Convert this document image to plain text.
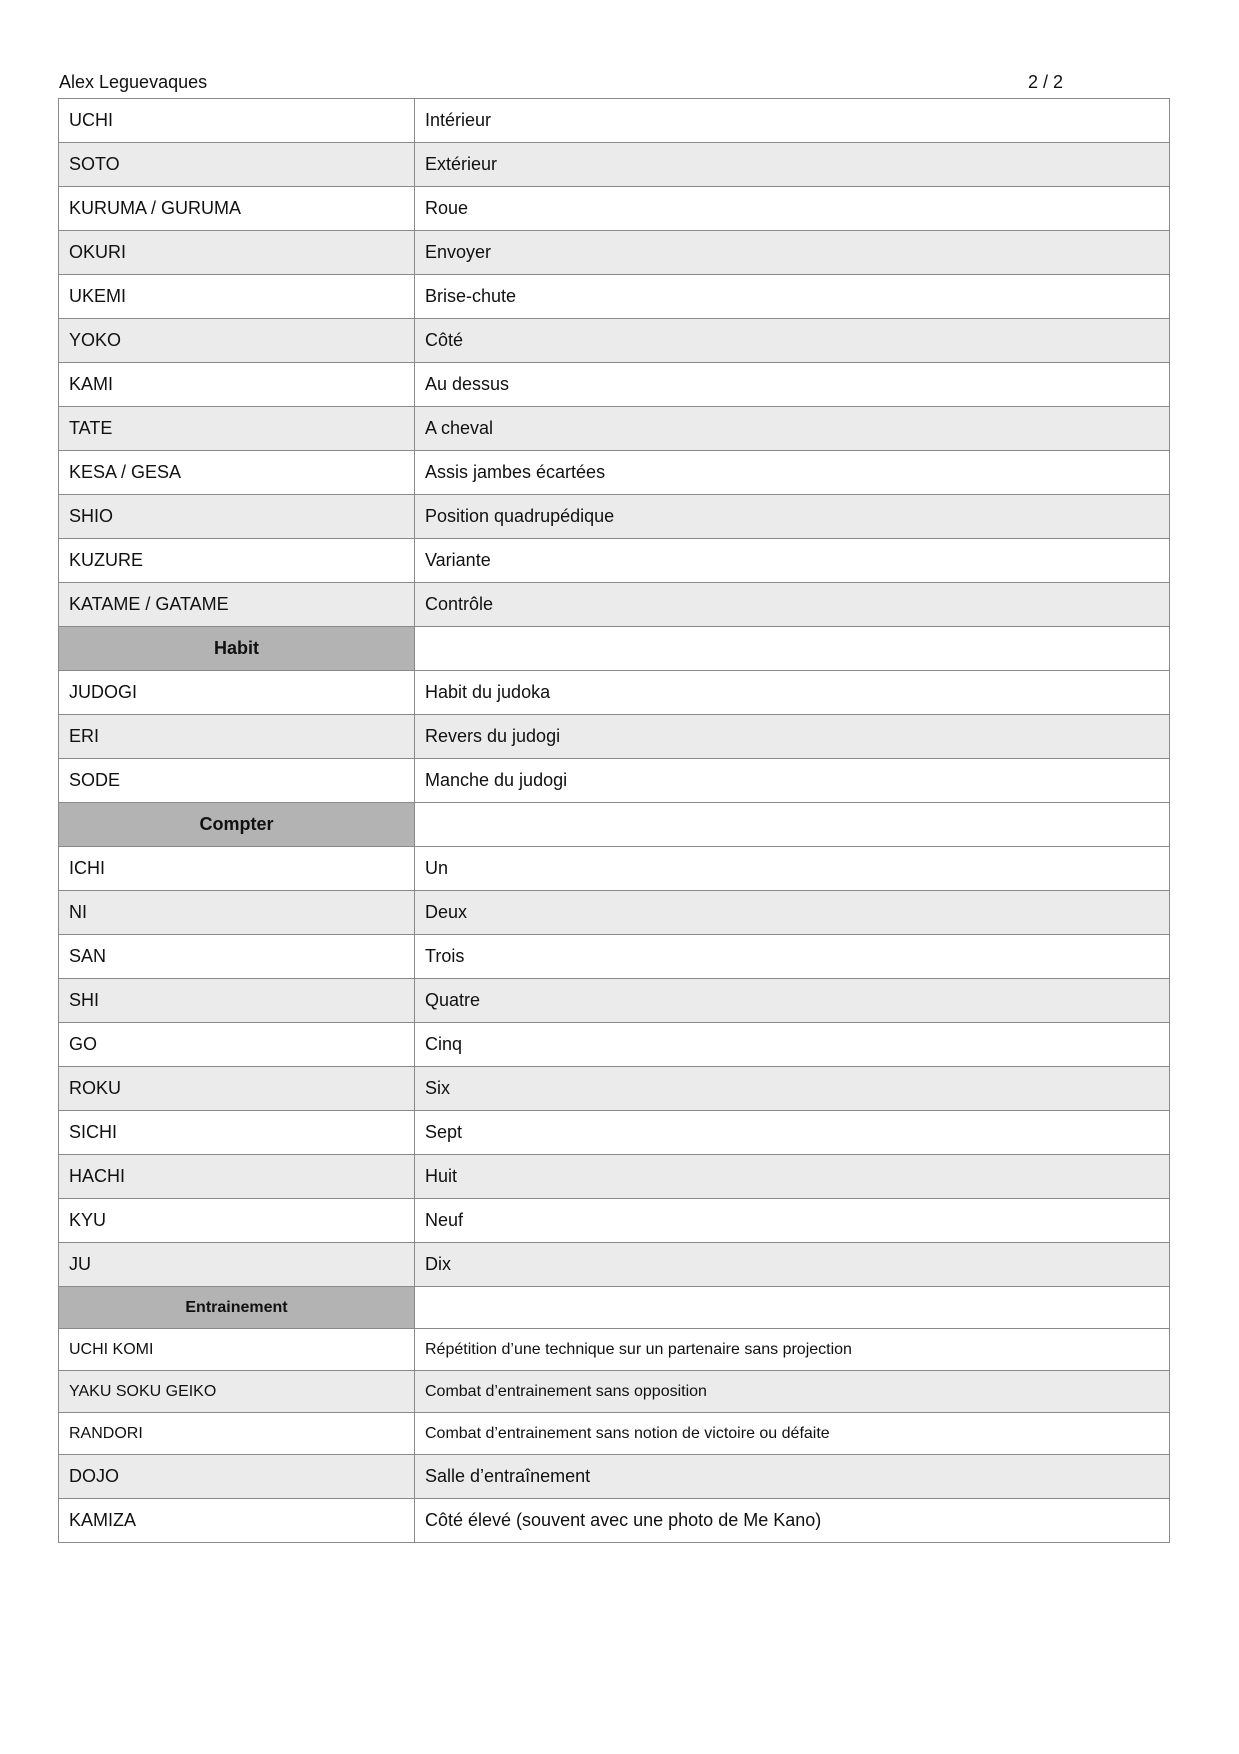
Alex Leguevaques	2 / 2
UCHI	Intérieur
SOTO	Extérieur
KURUMA / GURUMA	Roue
OKURI	Envoyer
UKEMI	Brise-chute
YOKO	Côté
KAMI	Au dessus
TATE	A cheval
KESA / GESA	Assis jambes écartées
SHIO	Position quadrupédique
KUZURE	Variante
KATAME / GATAME	Contrôle
Habit	
JUDOGI	Habit du judoka
ERI	Revers du judogi
SODE	Manche du judogi
Compter	
ICHI	Un
NI	Deux
SAN	Trois
SHI	Quatre
GO	Cinq
ROKU	Six
SICHI	Sept
HACHI	Huit
KYU	Neuf
JU	Dix
Entrainement	
UCHI KOMI	Répétition d’une technique sur un partenaire sans projection
YAKU SOKU GEIKO	Combat d’entrainement sans opposition
RANDORI	Combat d’entrainement sans notion de victoire ou défaite
DOJO	Salle d’entraînement
KAMIZA	Côté élevé (souvent avec une photo de Me Kano)
